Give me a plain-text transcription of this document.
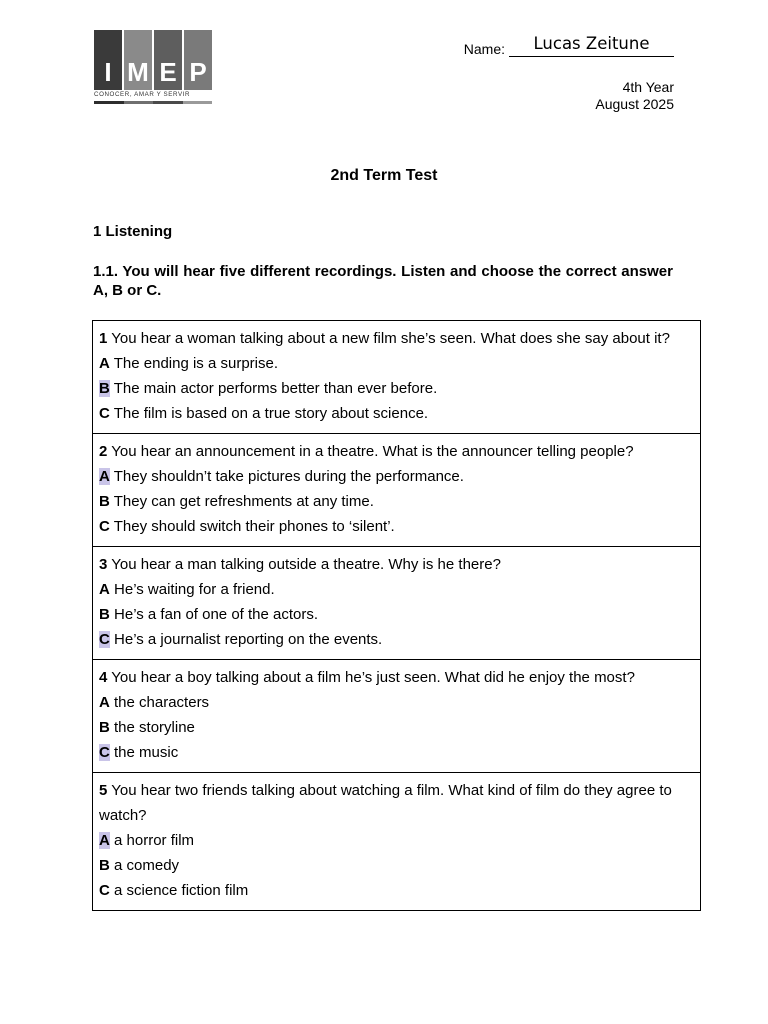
I M E P
CONOCER, AMAR Y SERVIR
Name:	Lucas Zeitune
4th Year
August 2025
2nd Term Test
1 Listening
1.1. You will hear five different recordings. Listen and choose the correct answer A, B or C.
1 You hear a woman talking about a new film she’s seen. What does she say about it?
A The ending is a surprise.
B The main actor performs better than ever before.
C The film is based on a true story about science.
2 You hear an announcement in a theatre. What is the announcer telling people?
A They shouldn’t take pictures during the performance.
B They can get refreshments at any time.
C They should switch their phones to ‘silent’.
3 You hear a man talking outside a theatre. Why is he there?
A He’s waiting for a friend.
B He’s a fan of one of the actors.
C He’s a journalist reporting on the events.
4 You hear a boy talking about a film he’s just seen. What did he enjoy the most?
A the characters
B the storyline
C the music
5 You hear two friends talking about watching a film. What kind of film do they agree to watch?
A a horror film
B a comedy
C a science fiction film
